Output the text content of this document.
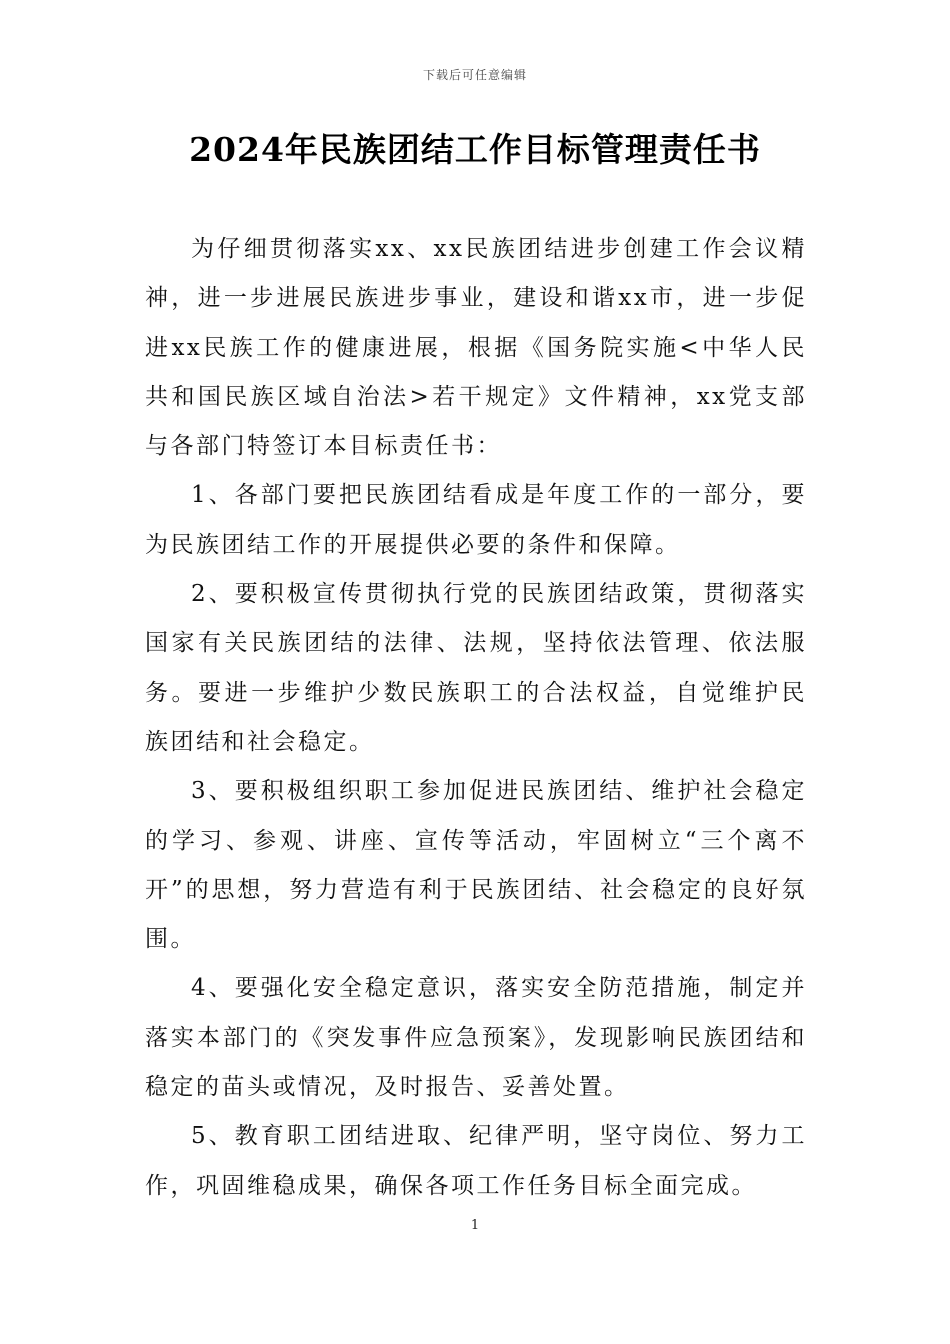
下载后可任意编辑
2024年民族团结工作目标管理责任书

为仔细贯彻落实xx、xx民族团结进步创建工作会议精神，进一步进展民族进步事业，建设和谐xx市，进一步促进xx民族工作的健康进展，根据《国务院实施<中华人民共和国民族区域自治法>若干规定》文件精神，xx党支部与各部门特签订本目标责任书：

1、各部门要把民族团结看成是年度工作的一部分，要为民族团结工作的开展提供必要的条件和保障。

2、要积极宣传贯彻执行党的民族团结政策，贯彻落实国家有关民族团结的法律、法规，坚持依法管理、依法服务。要进一步维护少数民族职工的合法权益，自觉维护民族团结和社会稳定。

3、要积极组织职工参加促进民族团结、维护社会稳定的学习、参观、讲座、宣传等活动，牢固树立“三个离不开”的思想，努力营造有利于民族团结、社会稳定的良好氛围。

4、要强化安全稳定意识，落实安全防范措施，制定并落实本部门的《突发事件应急预案》，发现影响民族团结和稳定的苗头或情况，及时报告、妥善处置。

5、教育职工团结进取、纪律严明，坚守岗位、努力工作，巩固维稳成果，确保各项工作任务目标全面完成。

1
